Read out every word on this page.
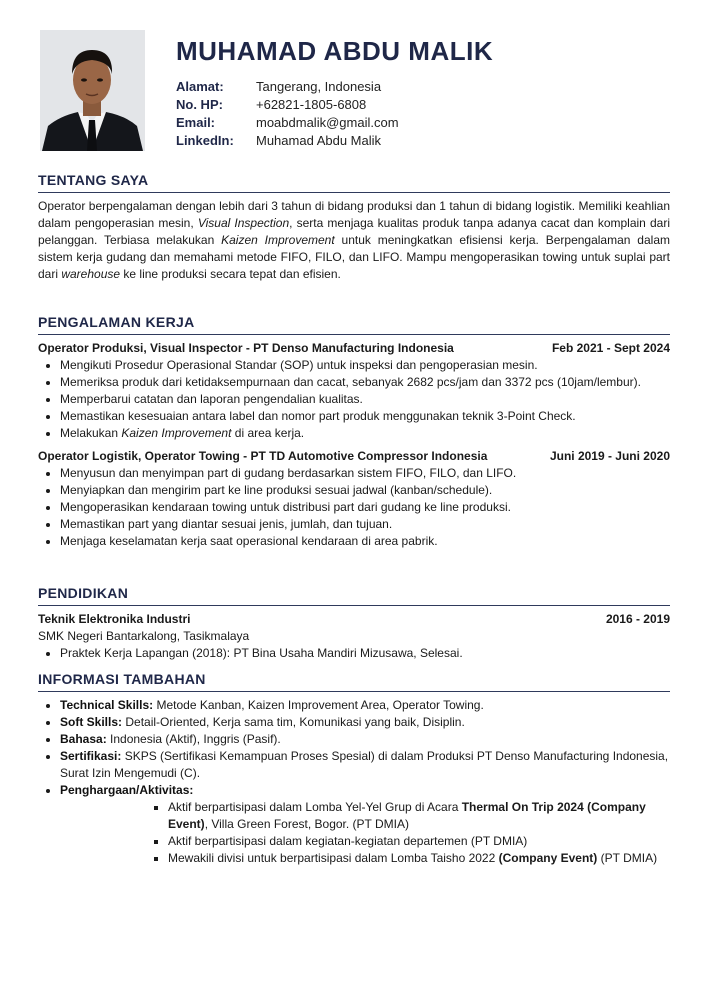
MUHAMAD ABDU MALIK
Alamat:	Tangerang, Indonesia
No. HP:	+62821-1805-6808
Email:	moabdmalik@gmail.com
LinkedIn:	Muhamad Abdu Malik
TENTANG SAYA

Operator berpengalaman dengan lebih dari 3 tahun di bidang produksi dan 1 tahun di bidang logistik. Memiliki keahlian dalam pengoperasian mesin, Visual Inspection, serta menjaga kualitas produk tanpa adanya cacat dan komplain dari pelanggan. Terbiasa melakukan Kaizen Improvement untuk meningkatkan efisiensi kerja. Berpengalaman dalam sistem kerja gudang dan memahami metode FIFO, FILO, dan LIFO. Mampu mengoperasikan towing untuk suplai part dari warehouse ke line produksi secara tepat dan efisien.

PENGALAMAN KERJA
Operator Produksi, Visual Inspector - PT Denso Manufacturing Indonesia	Feb 2021 - Sept 2024
• Mengikuti Prosedur Operasional Standar (SOP) untuk inspeksi dan pengoperasian mesin.
• Memeriksa produk dari ketidaksempurnaan dan cacat, sebanyak 2682 pcs/jam dan 3372 pcs (10jam/lembur).
• Memperbarui catatan dan laporan pengendalian kualitas.
• Memastikan kesesuaian antara label dan nomor part produk menggunakan teknik 3-Point Check.
• Melakukan Kaizen Improvement di area kerja.
Operator Logistik, Operator Towing - PT TD Automotive Compressor Indonesia	Juni 2019 - Juni 2020
• Menyusun dan menyimpan part di gudang berdasarkan sistem FIFO, FILO, dan LIFO.
• Menyiapkan dan mengirim part ke line produksi sesuai jadwal (kanban/schedule).
• Mengoperasikan kendaraan towing untuk distribusi part dari gudang ke line produksi.
• Memastikan part yang diantar sesuai jenis, jumlah, dan tujuan.
• Menjaga keselamatan kerja saat operasional kendaraan di area pabrik.
PENDIDIKAN
Teknik Elektronika Industri	2016 - 2019
SMK Negeri Bantarkalong, Tasikmalaya
• Praktek Kerja Lapangan (2018): PT Bina Usaha Mandiri Mizusawa, Selesai.
INFORMASI TAMBAHAN
• Technical Skills: Metode Kanban, Kaizen Improvement Area, Operator Towing.
• Soft Skills: Detail-Oriented, Kerja sama tim, Komunikasi yang baik, Disiplin.
• Bahasa: Indonesia (Aktif), Inggris (Pasif).
• Sertifikasi: SKPS (Sertifikasi Kemampuan Proses Spesial) di dalam Produksi PT Denso Manufacturing Indonesia, Surat Izin Mengemudi (C).
• Penghargaan/Aktivitas:
▪ Aktif berpartisipasi dalam Lomba Yel-Yel Grup di Acara Thermal On Trip 2024 (Company Event), Villa Green Forest, Bogor. (PT DMIA)
▪ Aktif berpartisipasi dalam kegiatan-kegiatan departemen (PT DMIA)
▪ Mewakili divisi untuk berpartisipasi dalam Lomba Taisho 2022 (Company Event) (PT DMIA)
